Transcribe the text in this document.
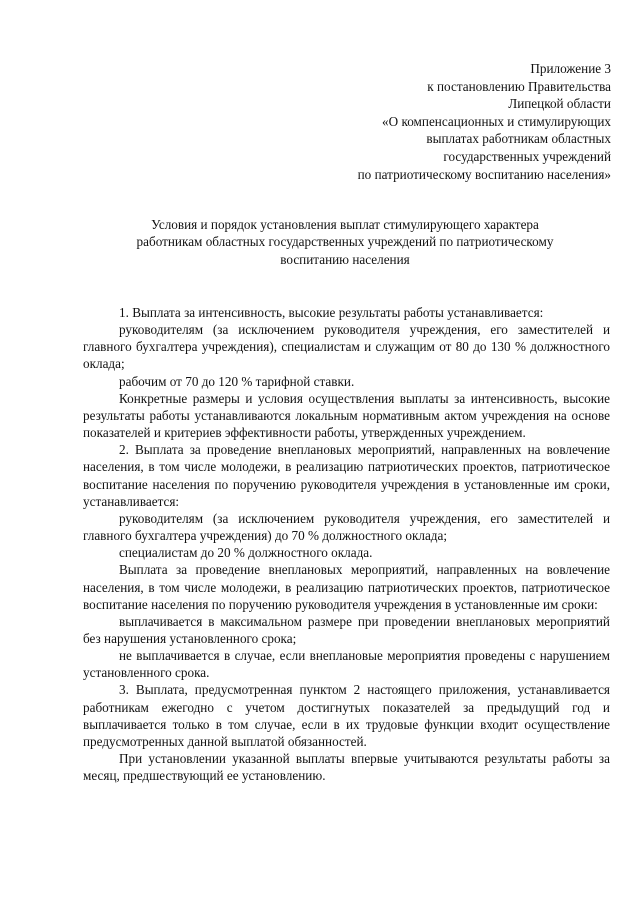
Приложение 3
к постановлению Правительства
Липецкой области
«О компенсационных и стимулирующих
выплатах работникам областных
государственных учреждений
по патриотическому воспитанию населения»
Условия и порядок установления выплат стимулирующего характера
работникам областных государственных учреждений по патриотическому
воспитанию населения

1. Выплата за интенсивность, высокие результаты работы устанавливается:

руководителям (за исключением руководителя учреждения, его заместителей и главного бухгалтера учреждения), специалистам и служащим от 80 до 130 % должностного оклада;

рабочим от 70 до 120 % тарифной ставки.

Конкретные размеры и условия осуществления выплаты за интенсивность, высокие результаты работы устанавливаются локальным нормативным актом учреждения на основе показателей и критериев эффективности работы, утвержденных учреждением.

2. Выплата за проведение внеплановых мероприятий, направленных на вовлечение населения, в том числе молодежи, в реализацию патриотических проектов, патриотическое воспитание населения по поручению руководителя учреждения в установленные им сроки, устанавливается:

руководителям (за исключением руководителя учреждения, его заместителей и главного бухгалтера учреждения) до 70 % должностного оклада;

специалистам до 20 % должностного оклада.

Выплата за проведение внеплановых мероприятий, направленных на вовлечение населения, в том числе молодежи, в реализацию патриотических проектов, патриотическое воспитание населения по поручению руководителя учреждения в установленные им сроки:

выплачивается в максимальном размере при проведении внеплановых мероприятий без нарушения установленного срока;

не выплачивается в случае, если внеплановые мероприятия проведены с нарушением установленного срока.

3. Выплата, предусмотренная пунктом 2 настоящего приложения, устанавливается работникам ежегодно с учетом достигнутых показателей за предыдущий год и выплачивается только в том случае, если в их трудовые функции входит осуществление предусмотренных данной выплатой обязанностей.

При установлении указанной выплаты впервые учитываются результаты работы за месяц, предшествующий ее установлению.
